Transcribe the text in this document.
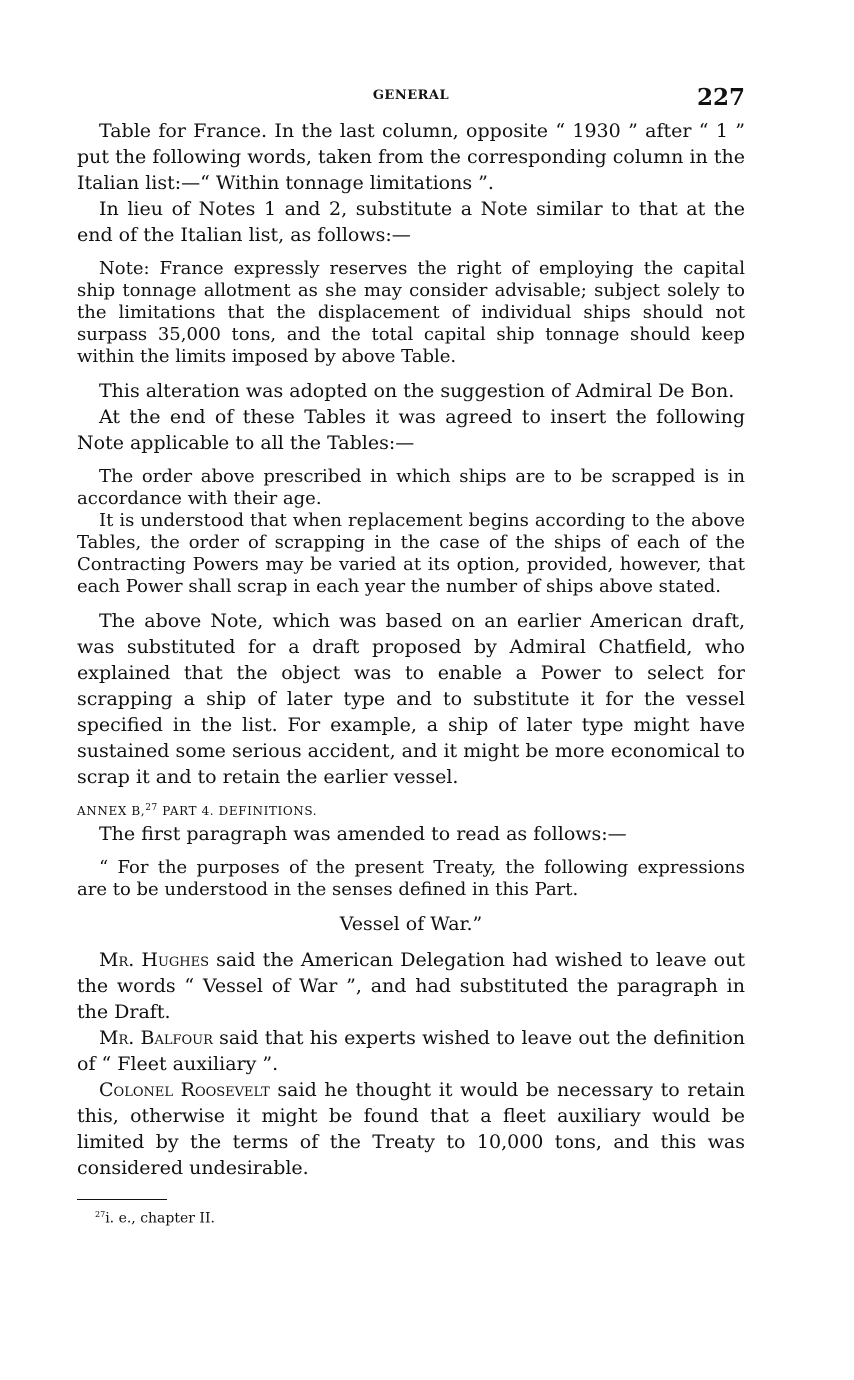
GENERAL	227

Table for France. In the last column, opposite “ 1930 ” after “ 1 ” put the following words, taken from the corresponding column in the Italian list:—“ Within tonnage limitations ”.

In lieu of Notes 1 and 2, substitute a Note similar to that at the end of the Italian list, as follows:—

Note: France expressly reserves the right of employing the capital ship tonnage allotment as she may consider advisable; subject solely to the limitations that the displacement of individual ships should not surpass 35,000 tons, and the total capital ship tonnage should keep within the limits imposed by above Table.

This alteration was adopted on the suggestion of Admiral De Bon.

At the end of these Tables it was agreed to insert the following Note applicable to all the Tables:—

The order above prescribed in which ships are to be scrapped is in accordance with their age.

It is understood that when replacement begins according to the above Tables, the order of scrapping in the case of the ships of each of the Contracting Powers may be varied at its option, provided, however, that each Power shall scrap in each year the number of ships above stated.

The above Note, which was based on an earlier American draft, was substituted for a draft proposed by Admiral Chatfield, who explained that the object was to enable a Power to select for scrapping a ship of later type and to substitute it for the vessel specified in the list. For example, a ship of later type might have sustained some serious accident, and it might be more economical to scrap it and to retain the earlier vessel.

ANNEX B,$^{27}$ PART 4. DEFINITIONS.

The first paragraph was amended to read as follows:—

“ For the purposes of the present Treaty, the following expressions are to be understood in the senses defined in this Part.

Vessel of War.”

Mr. Hughes said the American Delegation had wished to leave out the words “ Vessel of War ”, and had substituted the paragraph in the Draft.

Mr. Balfour said that his experts wished to leave out the definition of “ Fleet auxiliary ”.

Colonel Roosevelt said he thought it would be necessary to retain this, otherwise it might be found that a fleet auxiliary would be limited by the terms of the Treaty to 10,000 tons, and this was considered undesirable.

$^{27}$i. e., chapter II.
